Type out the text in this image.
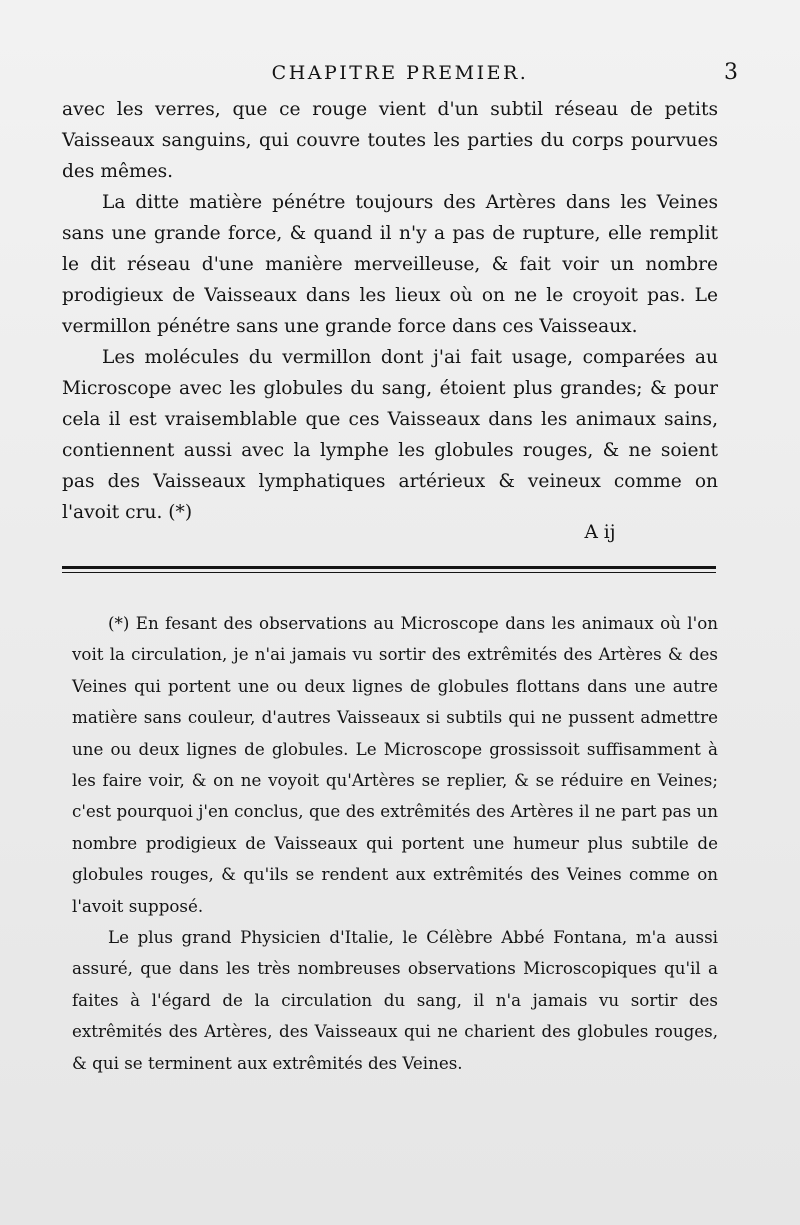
CHAPITRE PREMIER.	3

avec les verres, que ce rouge vient d'un subtil réseau de petits Vaisseaux sanguins, qui couvre toutes les parties du corps pourvues des mêmes.

La ditte matière pénétre toujours des Artères dans les Veines sans une grande force, & quand il n'y a pas de rupture, elle remplit le dit réseau d'une manière merveilleuse, & fait voir un nombre prodigieux de Vaisseaux dans les lieux où on ne le croyoit pas. Le vermillon pénétre sans une grande force dans ces Vaisseaux.

Les molécules du vermillon dont j'ai fait usage, comparées au Microscope avec les globules du sang, étoient plus grandes; & pour cela il est vraisemblable que ces Vaisseaux dans les animaux sains, contiennent aussi avec la lymphe les globules rouges, & ne soient pas des Vaisseaux lymphatiques artérieux & veineux comme on l'avoit cru. (*)

A ij

(*) En fesant des observations au Microscope dans les animaux où l'on voit la circulation, je n'ai jamais vu sortir des extrêmités des Artères & des Veines qui portent une ou deux lignes de globules flottans dans une autre matière sans couleur, d'autres Vaisseaux si subtils qui ne pussent admettre une ou deux lignes de globules. Le Microscope grossissoit suffisamment à les faire voir, & on ne voyoit qu'Artères se replier, & se réduire en Veines; c'est pourquoi j'en conclus, que des extrêmités des Artères il ne part pas un nombre prodigieux de Vaisseaux qui portent une humeur plus subtile de globules rouges, & qu'ils se rendent aux extrêmités des Veines comme on l'avoit supposé.

Le plus grand Physicien d'Italie, le Célèbre Abbé Fontana, m'a aussi assuré, que dans les très nombreuses observations Microscopiques qu'il a faites à l'égard de la circulation du sang, il n'a jamais vu sortir des extrêmités des Artères, des Vaisseaux qui ne charient des globules rouges, & qui se terminent aux extrêmités des Veines.
